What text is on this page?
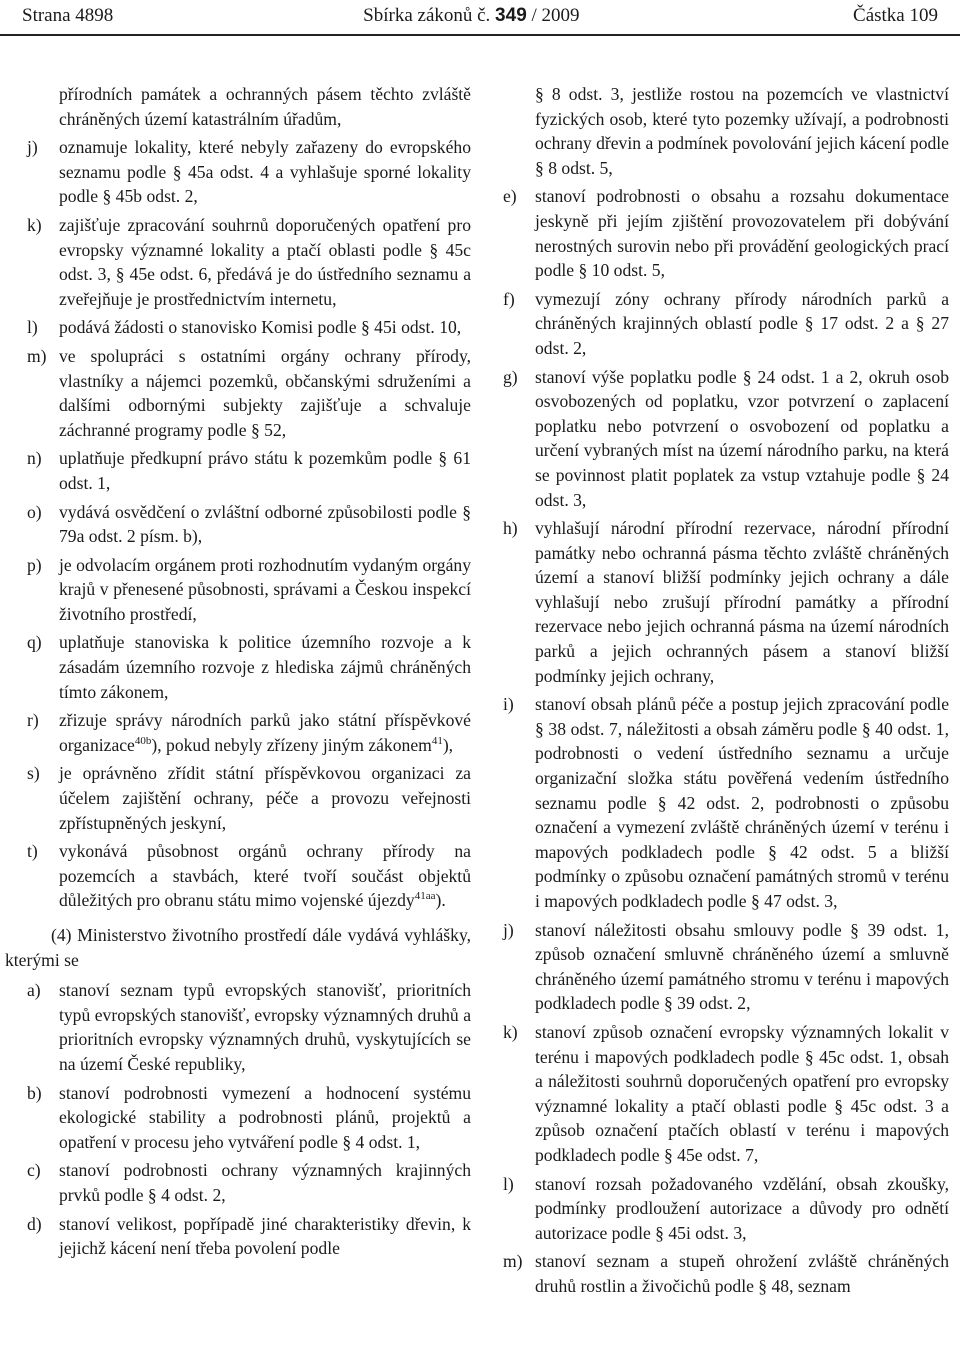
Strana 4898	Sbírka zákonů č. 349 / 2009	Částka 109
přírodních památek a ochranných pásem těchto zvláště chráněných území katastrálním úřadům,
j)	oznamuje lokality, které nebyly zařazeny do evropského seznamu podle § 45a odst. 4 a vyhlašuje sporné lokality podle § 45b odst. 2,
k) zajišťuje zpracování souhrnů doporučených opatření pro evropsky významné lokality a ptačí oblasti podle § 45c odst. 3, § 45e odst. 6, předává je do ústředního seznamu a zveřejňuje je prostřednictvím internetu,
l)	podává žádosti o stanovisko Komisi podle § 45i odst. 10,
m) ve spolupráci s ostatními orgány ochrany přírody, vlastníky a nájemci pozemků, občanskými sdruženími a dalšími odbornými subjekty zajišťuje a schvaluje záchranné programy podle § 52,
n) uplatňuje předkupní právo státu k pozemkům podle § 61 odst. 1,
o) vydává osvědčení o zvláštní odborné způsobilosti podle § 79a odst. 2 písm. b),
p) je odvolacím orgánem proti rozhodnutím vydaným orgány krajů v přenesené působnosti, správami a Českou inspekcí životního prostředí,
q) uplatňuje stanoviska k politice územního rozvoje a k zásadám územního rozvoje z hlediska zájmů chráněných tímto zákonem,
r)	zřizuje správy národních parků jako státní příspěvkové organizace$^{40b}$), pokud nebyly zřízeny jiným zákonem$^{41}$),
s)	je oprávněno zřídit státní příspěvkovou organizaci za účelem zajištění ochrany, péče a provozu veřejnosti zpřístupněných jeskyní,
t)	vykonává působnost orgánů ochrany přírody na pozemcích a stavbách, které tvoří součást objektů důležitých pro obranu státu mimo vojenské újezdy$^{41aa}$).
(4) Ministerstvo životního prostředí dále vydává vyhlášky, kterými se
a)	stanoví seznam typů evropských stanovišť, prioritních typů evropských stanovišť, evropsky významných druhů a prioritních evropsky významných druhů, vyskytujících se na území České republiky,
b) stanoví podrobnosti vymezení a hodnocení systému ekologické stability a podrobnosti plánů, projektů a opatření v procesu jeho vytváření podle § 4 odst. 1,
c)	stanoví podrobnosti ochrany významných krajinných prvků podle § 4 odst. 2,
d) stanoví velikost, popřípadě jiné charakteristiky dřevin, k jejichž kácení není třeba povolení podle
§ 8 odst. 3, jestliže rostou na pozemcích ve vlastnictví fyzických osob, které tyto pozemky užívají, a podrobnosti ochrany dřevin a podmínek povolování jejich kácení podle § 8 odst. 5,
e)	stanoví podrobnosti o obsahu a rozsahu dokumentace jeskyně při jejím zjištění provozovatelem při dobývání nerostných surovin nebo při provádění geologických prací podle § 10 odst. 5,
f)	vymezují zóny ochrany přírody národních parků a chráněných krajinných oblastí podle § 17 odst. 2 a § 27 odst. 2,
g) stanoví výše poplatku podle § 24 odst. 1 a 2, okruh osob osvobozených od poplatku, vzor potvrzení o zaplacení poplatku nebo potvrzení o osvobození od poplatku a určení vybraných míst na území národního parku, na která se povinnost platit poplatek za vstup vztahuje podle § 24 odst. 3,
h) vyhlašují národní přírodní rezervace, národní přírodní památky nebo ochranná pásma těchto zvláště chráněných území a stanoví bližší podmínky jejich ochrany a dále vyhlašují nebo zrušují přírodní památky a přírodní rezervace nebo jejich ochranná pásma na území národních parků a jejich ochranných pásem a stanoví bližší podmínky jejich ochrany,
i)	stanoví obsah plánů péče a postup jejich zpracování podle § 38 odst. 7, náležitosti a obsah záměru podle § 40 odst. 1, podrobnosti o vedení ústředního seznamu a určuje organizační složka státu pověřená vedením ústředního seznamu podle § 42 odst. 2, podrobnosti o způsobu označení a vymezení zvláště chráněných území v terénu i mapových podkladech podle § 42 odst. 5 a bližší podmínky o způsobu označení památných stromů v terénu i mapových podkladech podle § 47 odst. 3,
j)	stanoví náležitosti obsahu smlouvy podle § 39 odst. 1, způsob označení smluvně chráněného území a smluvně chráněného území památného stromu v terénu i mapových podkladech podle § 39 odst. 2,
k) stanoví způsob označení evropsky významných lokalit v terénu i mapových podkladech podle § 45c odst. 1, obsah a náležitosti souhrnů doporučených opatření pro evropsky významné lokality a ptačí oblasti podle § 45c odst. 3 a způsob označení ptačích oblastí v terénu i mapových podkladech podle § 45e odst. 7,
l)	stanoví rozsah požadovaného vzdělání, obsah zkoušky, podmínky prodloužení autorizace a důvody pro odnětí autorizace podle § 45i odst. 3,
m) stanoví seznam a stupeň ohrožení zvláště chráněných druhů rostlin a živočichů podle § 48, seznam
